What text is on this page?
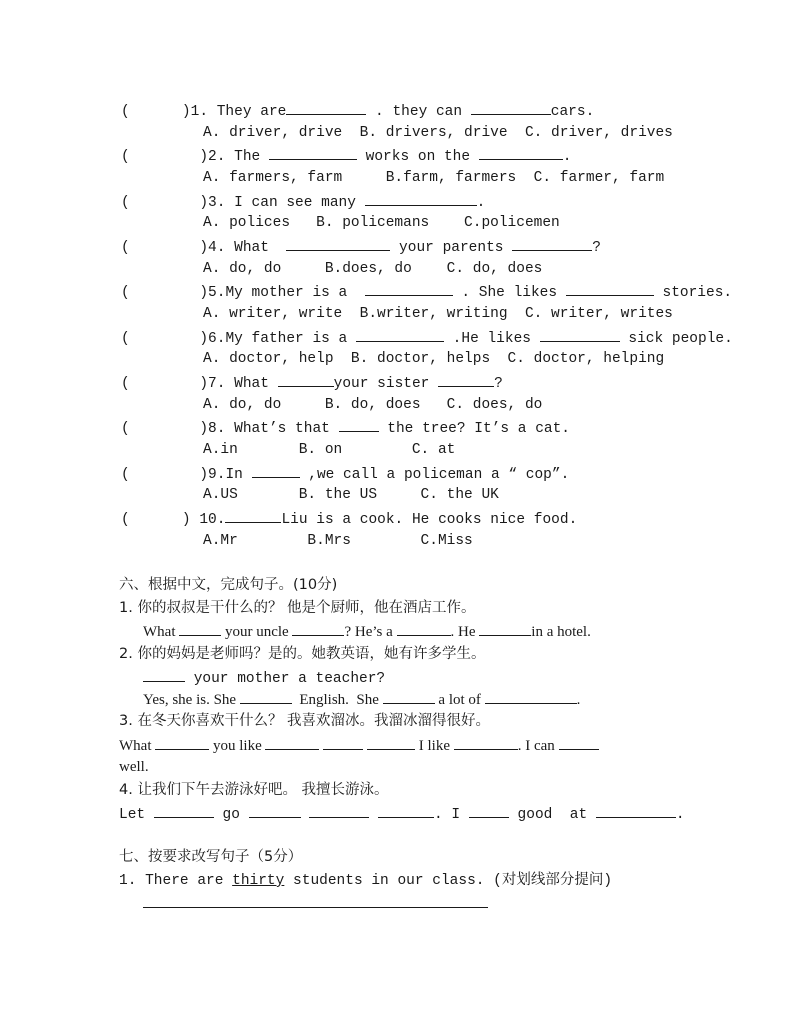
(	)1. They are	. they can	cars.
A. driver, drive  B. drivers, drive  C. driver, drives
(	)2. The	works on the	.
A. farmers, farm     B.farm, farmers  C. farmer, farm
(	)3. I can see many	.
A. polices   B. policemans    C.policemen
(	)4. What	your parents	?
A. do, do     B.does, do    C. do, does
(	)5.My mother is a	. She likes	stories.
A. writer, write  B.writer, writing  C. writer, writes
(	)6.My father is a	.He likes	sick people.
A. doctor, help  B. doctor, helps  C. doctor, helping
(	)7. What	your sister	?
A. do, do     B. do, does   C. does, do
(	)8. What’s that	the tree? It’s a cat.
A.in       B. on        C. at
(	)9.In	,we call a policeman a “ cop”.
A.US       B. the US     C. the UK
(	) 10.	Liu is a cook. He cooks nice food.
A.Mr        B.Mrs        C.Miss
六、根据中文，完成句子。(10分)
1. 你的叔叔是干什么的？ 他是个厨师，他在酒店工作。
What	your uncle	? He’s a	. He	in a hotel.
2. 你的妈妈是老师吗？是的。她教英语，她有许多学生。
your mother a teacher?
Yes, she is. She	English.  She	a lot of	.
3. 在冬天你喜欢干什么？ 我喜欢溜冰。我溜冰溜得很好。
What	you like	I like	. I can
well.
4. 让我们下午去游泳好吧。 我擅长游泳。
Let	go	. I	good  at	.
七、按要求改写句子（5分）
1. There are thirty students in our class. (对划线部分提问)
